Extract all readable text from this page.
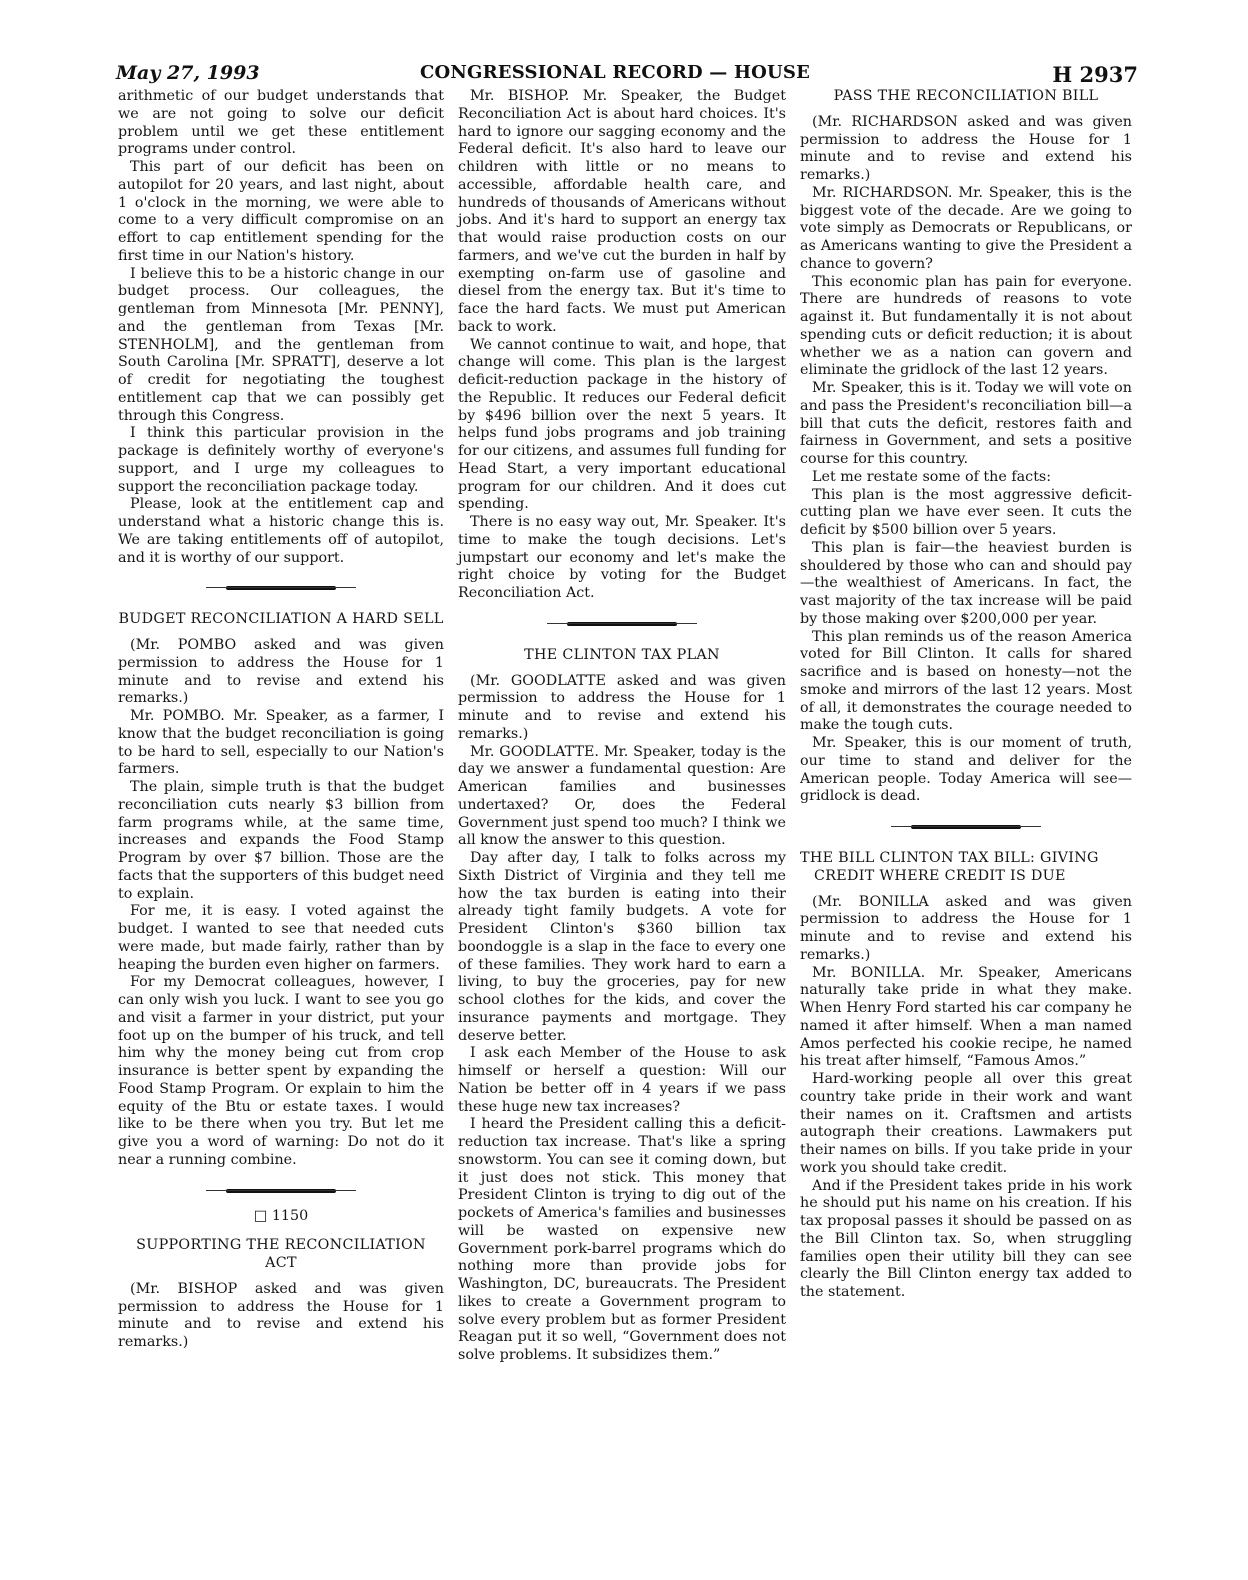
May 27, 1993	CONGRESSIONAL RECORD — HOUSE	H 2937

arithmetic of our budget understands that we are not going to solve our deficit problem until we get these entitlement programs under control.

This part of our deficit has been on autopilot for 20 years, and last night, about 1 o'clock in the morning, we were able to come to a very difficult compromise on an effort to cap entitlement spending for the first time in our Nation's history.

I believe this to be a historic change in our budget process. Our colleagues, the gentleman from Minnesota [Mr. PENNY], and the gentleman from Texas [Mr. STENHOLM], and the gentleman from South Carolina [Mr. SPRATT], deserve a lot of credit for negotiating the toughest entitlement cap that we can possibly get through this Congress.

I think this particular provision in the package is definitely worthy of everyone's support, and I urge my colleagues to support the reconciliation package today.

Please, look at the entitlement cap and understand what a historic change this is. We are taking entitlements off of autopilot, and it is worthy of our support.

BUDGET RECONCILIATION A HARD SELL

(Mr. POMBO asked and was given permission to address the House for 1 minute and to revise and extend his remarks.)

Mr. POMBO. Mr. Speaker, as a farmer, I know that the budget reconciliation is going to be hard to sell, especially to our Nation's farmers.

The plain, simple truth is that the budget reconciliation cuts nearly $3 billion from farm programs while, at the same time, increases and expands the Food Stamp Program by over $7 billion. Those are the facts that the supporters of this budget need to explain.

For me, it is easy. I voted against the budget. I wanted to see that needed cuts were made, but made fairly, rather than by heaping the burden even higher on farmers.

For my Democrat colleagues, however, I can only wish you luck. I want to see you go and visit a farmer in your district, put your foot up on the bumper of his truck, and tell him why the money being cut from crop insurance is better spent by expanding the Food Stamp Program. Or explain to him the equity of the Btu or estate taxes. I would like to be there when you try. But let me give you a word of warning: Do not do it near a running combine.

□ 1150
SUPPORTING THE RECONCILIATION ACT

(Mr. BISHOP asked and was given permission to address the House for 1 minute and to revise and extend his remarks.)

Mr. BISHOP. Mr. Speaker, the Budget Reconciliation Act is about hard choices. It's hard to ignore our sagging economy and the Federal deficit. It's also hard to leave our children with little or no means to accessible, affordable health care, and hundreds of thousands of Americans without jobs. And it's hard to support an energy tax that would raise production costs on our farmers, and we've cut the burden in half by exempting on-farm use of gasoline and diesel from the energy tax. But it's time to face the hard facts. We must put American back to work.

We cannot continue to wait, and hope, that change will come. This plan is the largest deficit-reduction package in the history of the Republic. It reduces our Federal deficit by $496 billion over the next 5 years. It helps fund jobs programs and job training for our citizens, and assumes full funding for Head Start, a very important educational program for our children. And it does cut spending.

There is no easy way out, Mr. Speaker. It's time to make the tough decisions. Let's jumpstart our economy and let's make the right choice by voting for the Budget Reconciliation Act.

THE CLINTON TAX PLAN

(Mr. GOODLATTE asked and was given permission to address the House for 1 minute and to revise and extend his remarks.)

Mr. GOODLATTE. Mr. Speaker, today is the day we answer a fundamental question: Are American families and businesses undertaxed? Or, does the Federal Government just spend too much? I think we all know the answer to this question.

Day after day, I talk to folks across my Sixth District of Virginia and they tell me how the tax burden is eating into their already tight family budgets. A vote for President Clinton's $360 billion tax boondoggle is a slap in the face to every one of these families. They work hard to earn a living, to buy the groceries, pay for new school clothes for the kids, and cover the insurance payments and mortgage. They deserve better.

I ask each Member of the House to ask himself or herself a question: Will our Nation be better off in 4 years if we pass these huge new tax increases?

I heard the President calling this a deficit-reduction tax increase. That's like a spring snowstorm. You can see it coming down, but it just does not stick. This money that President Clinton is trying to dig out of the pockets of America's families and businesses will be wasted on expensive new Government pork-barrel programs which do nothing more than provide jobs for Washington, DC, bureaucrats. The President likes to create a Government program to solve every problem but as former President Reagan put it so well, “Government does not solve problems. It subsidizes them.”

PASS THE RECONCILIATION BILL

(Mr. RICHARDSON asked and was given permission to address the House for 1 minute and to revise and extend his remarks.)

Mr. RICHARDSON. Mr. Speaker, this is the biggest vote of the decade. Are we going to vote simply as Democrats or Republicans, or as Americans wanting to give the President a chance to govern?

This economic plan has pain for everyone. There are hundreds of reasons to vote against it. But fundamentally it is not about spending cuts or deficit reduction; it is about whether we as a nation can govern and eliminate the gridlock of the last 12 years.

Mr. Speaker, this is it. Today we will vote on and pass the President's reconciliation bill—a bill that cuts the deficit, restores faith and fairness in Government, and sets a positive course for this country.

Let me restate some of the facts:

This plan is the most aggressive deficit-cutting plan we have ever seen. It cuts the deficit by $500 billion over 5 years.

This plan is fair—the heaviest burden is shouldered by those who can and should pay—the wealthiest of Americans. In fact, the vast majority of the tax increase will be paid by those making over $200,000 per year.

This plan reminds us of the reason America voted for Bill Clinton. It calls for shared sacrifice and is based on honesty—not the smoke and mirrors of the last 12 years. Most of all, it demonstrates the courage needed to make the tough cuts.

Mr. Speaker, this is our moment of truth, our time to stand and deliver for the American people. Today America will see—gridlock is dead.

THE BILL CLINTON TAX BILL: GIVING CREDIT WHERE CREDIT IS DUE

(Mr. BONILLA asked and was given permission to address the House for 1 minute and to revise and extend his remarks.)

Mr. BONILLA. Mr. Speaker, Americans naturally take pride in what they make. When Henry Ford started his car company he named it after himself. When a man named Amos perfected his cookie recipe, he named his treat after himself, “Famous Amos.”

Hard-working people all over this great country take pride in their work and want their names on it. Craftsmen and artists autograph their creations. Lawmakers put their names on bills. If you take pride in your work you should take credit.

And if the President takes pride in his work he should put his name on his creation. If his tax proposal passes it should be passed on as the Bill Clinton tax. So, when struggling families open their utility bill they can see clearly the Bill Clinton energy tax added to the statement.
